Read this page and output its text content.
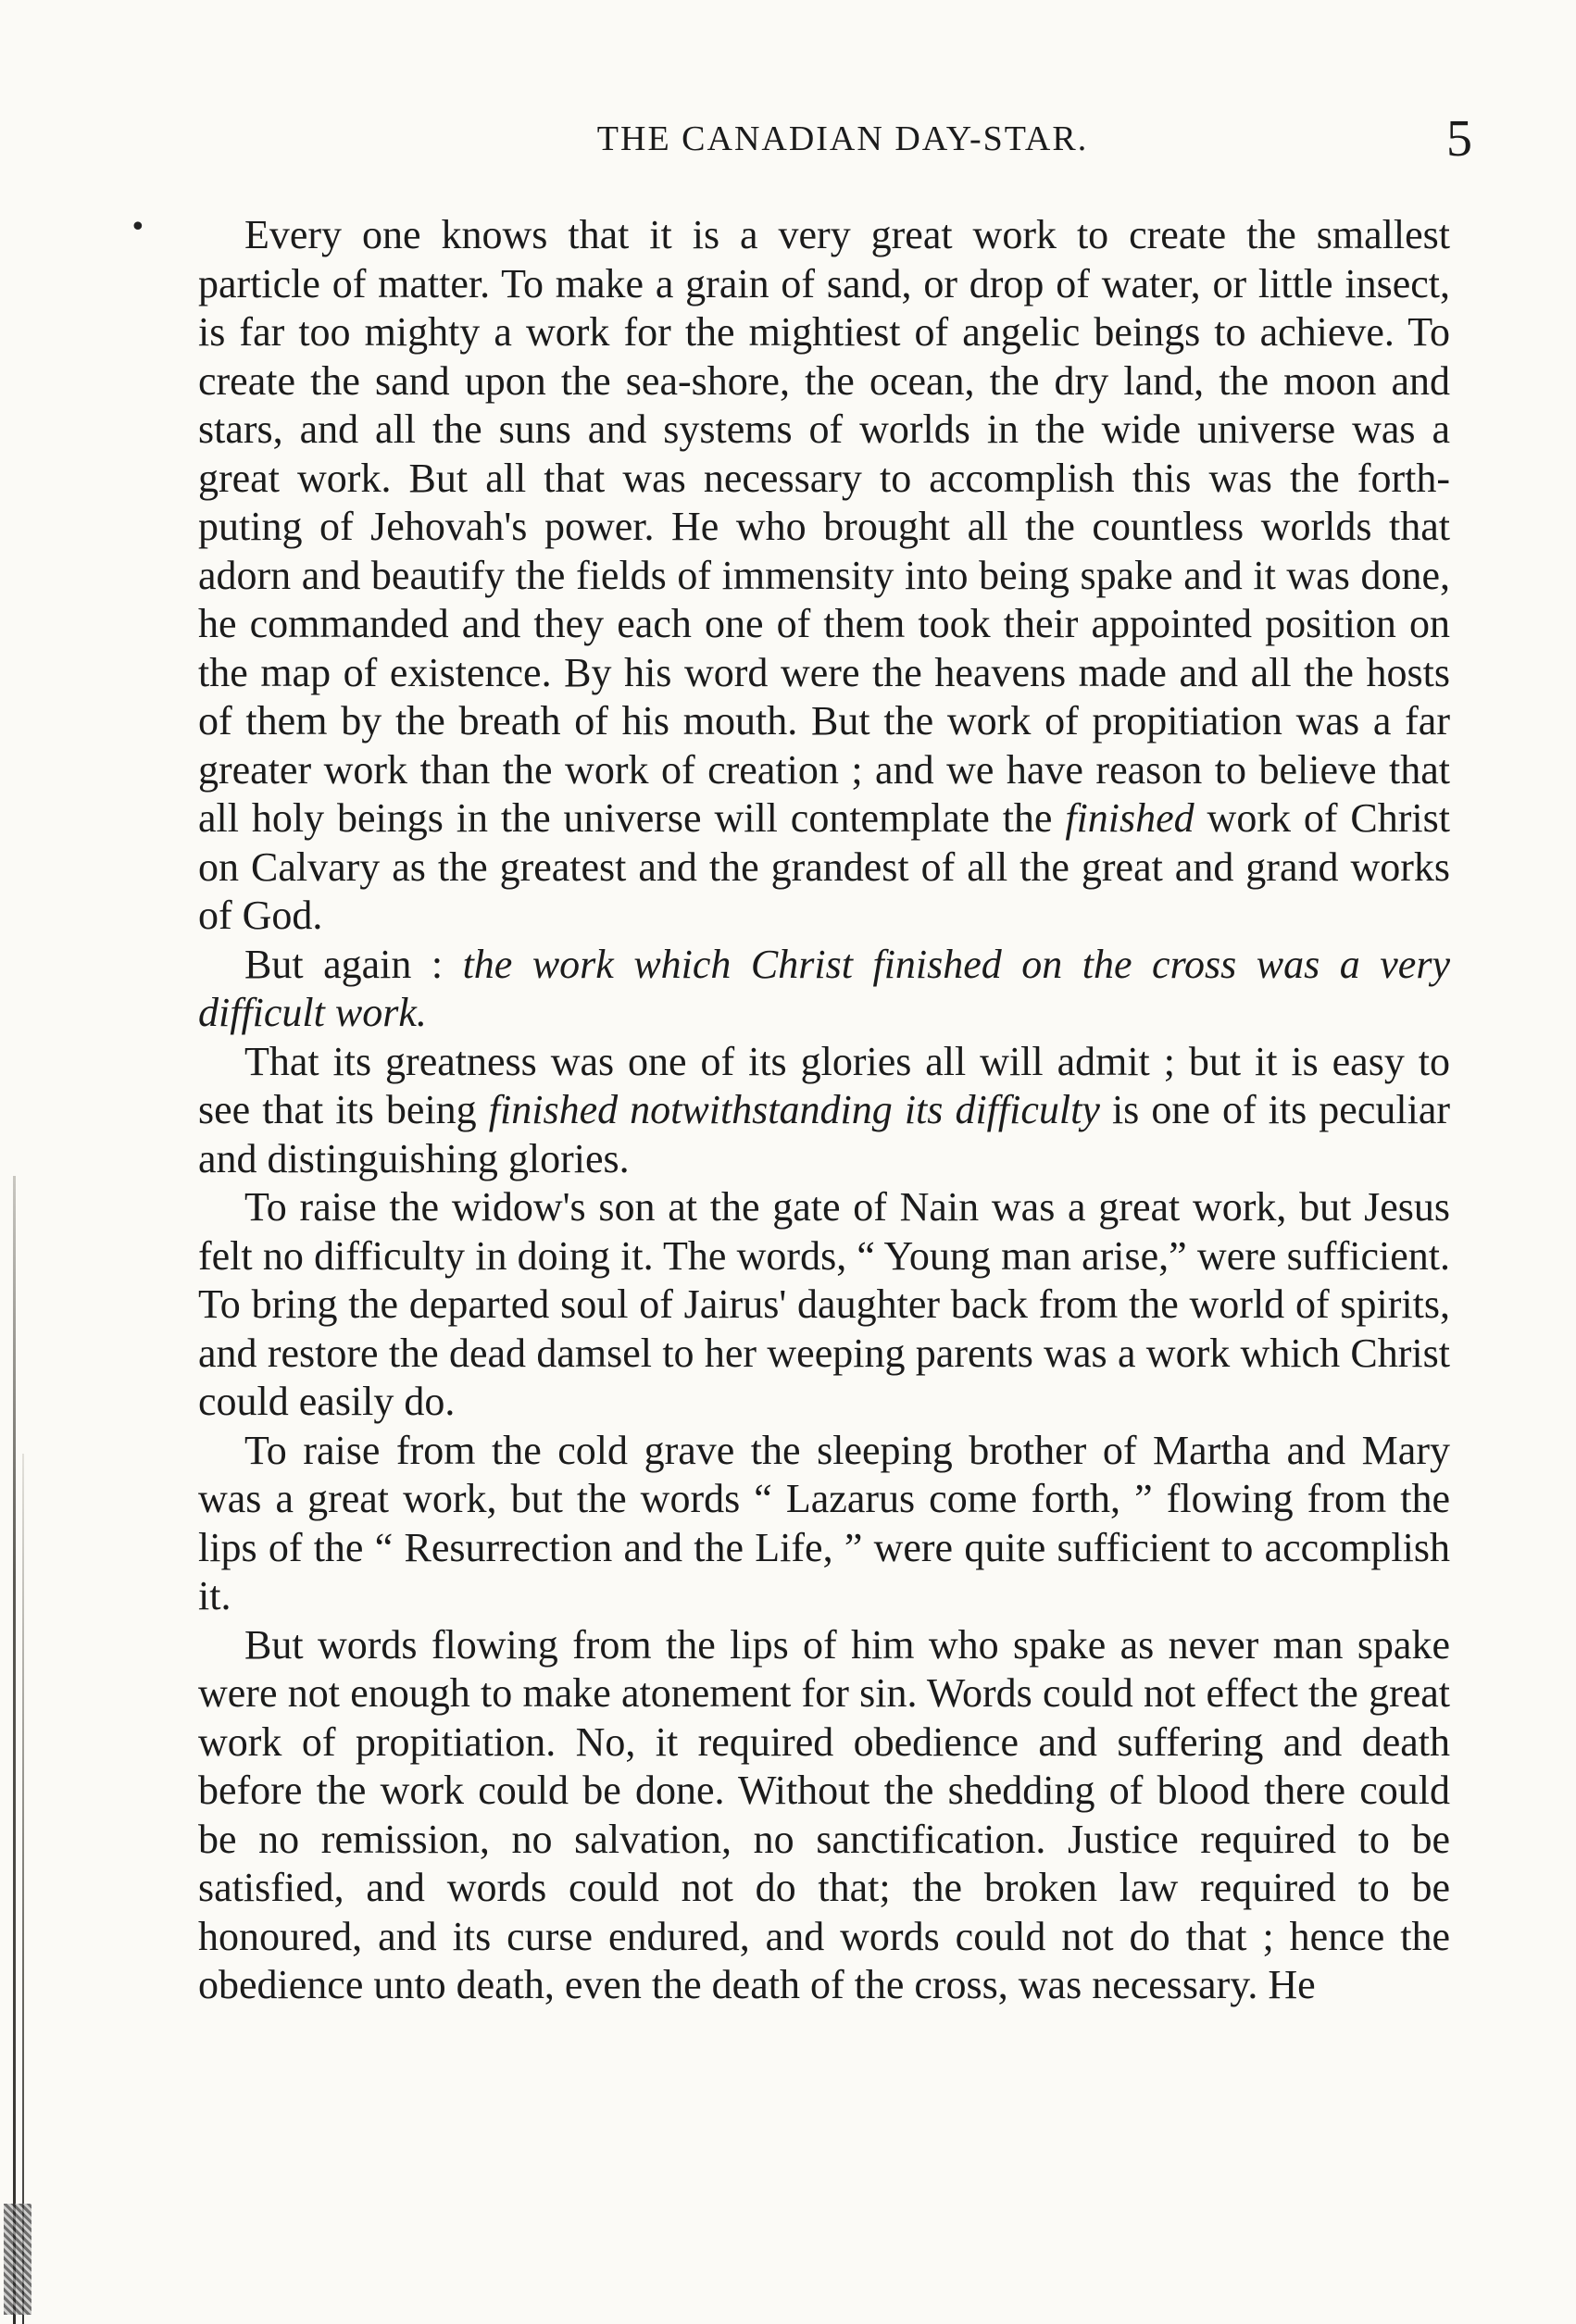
THE CANADIAN DAY-STAR.	5
•	Every one knows that it is a very great work to create the smallest particle of matter. To make a grain of sand, or drop of water, or little insect, is far too mighty a work for the mightiest of angelic beings to achieve. To create the sand upon the sea-shore, the ocean, the dry land, the moon and stars, and all the suns and systems of worlds in the wide universe was a great work. But all that was necessary to accomplish this was the forth-puting of Jehovah's power. He who brought all the countless worlds that adorn and beautify the fields of immensity into being spake and it was done, he commanded and they each one of them took their appointed position on the map of existence. By his word were the heavens made and all the hosts of them by the breath of his mouth. But the work of propitiation was a far greater work than the work of creation ; and we have reason to believe that all holy beings in the universe will contemplate the finished work of Christ on Calvary as the greatest and the grandest of all the great and grand works of God.

But again : the work which Christ finished on the cross was a very difficult work.

That its greatness was one of its glories all will admit ; but it is easy to see that its being finished notwithstanding its difficulty is one of its peculiar and distinguishing glories.

To raise the widow's son at the gate of Nain was a great work, but Jesus felt no difficulty in doing it. The words, “ Young man arise,” were sufficient. To bring the departed soul of Jairus' daughter back from the world of spirits, and restore the dead damsel to her weeping parents was a work which Christ could easily do.

To raise from the cold grave the sleeping brother of Martha and Mary was a great work, but the words “ Lazarus come forth, ” flowing from the lips of the “ Resurrection and the Life, ” were quite sufficient to accomplish it.

But words flowing from the lips of him who spake as never man spake were not enough to make atonement for sin. Words could not effect the great work of propitiation. No, it required obedience and suffering and death before the work could be done. Without the shedding of blood there could be no remission, no salvation, no sanctification. Justice required to be satisfied, and words could not do that; the broken law required to be honoured, and its curse endured, and words could not do that ; hence the obedience unto death, even the death of the cross, was necessary. He
